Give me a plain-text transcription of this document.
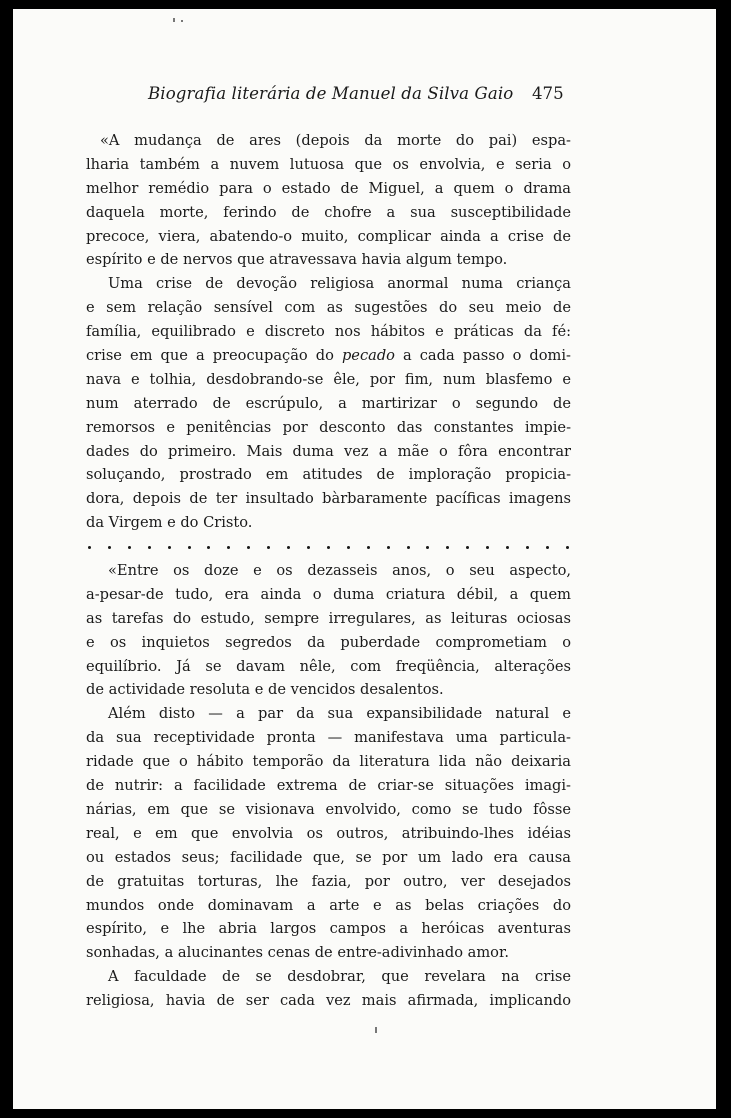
Biografia literária de Manuel da Silva Gaio 475
«A mudança de ares (depois da morte do pai) espa-
lharia também a nuvem lutuosa que os envolvia, e seria o
melhor remédio para o estado de Miguel, a quem o drama
daquela morte, ferindo de chofre a sua susceptibilidade
precoce, viera, abatendo-o muito, complicar ainda a crise de
espírito e de nervos que atravessava havia algum tempo.
Uma crise de devoção religiosa anormal numa criança
e sem relação sensível com as sugestões do seu meio de
família, equilibrado e discreto nos hábitos e práticas da fé:
crise em que a preocupação do pecado a cada passo o domi-
nava e tolhia, desdobrando-se êle, por fim, num blasfemo e
num aterrado de escrúpulo, a martirizar o segundo de
remorsos e penitências por desconto das constantes impie-
dades do primeiro. Mais duma vez a mãe o fôra encontrar
soluçando, prostrado em atitudes de imploração propicia-
dora, depois de ter insultado bàrbaramente pacíficas imagens
da Virgem e do Cristo.
«Entre os doze e os dezasseis anos, o seu aspecto,
a-pesar-de tudo, era ainda o duma criatura débil, a quem
as tarefas do estudo, sempre irregulares, as leituras ociosas
e os inquietos segredos da puberdade comprometiam o
equilíbrio. Já se davam nêle, com freqüência, alterações
de actividade resoluta e de vencidos desalentos.
Além disto — a par da sua expansibilidade natural e
da sua receptividade pronta — manifestava uma particula-
ridade que o hábito temporão da literatura lida não deixaria
de nutrir: a facilidade extrema de criar-se situações imagi-
nárias, em que se visionava envolvido, como se tudo fôsse
real, e em que envolvia os outros, atribuindo-lhes idéias
ou estados seus; facilidade que, se por um lado era causa
de gratuitas torturas, lhe fazia, por outro, ver desejados
mundos onde dominavam a arte e as belas criações do
espírito, e lhe abria largos campos a heróicas aventuras
sonhadas, a alucinantes cenas de entre-adivinhado amor.
A faculdade de se desdobrar, que revelara na crise
religiosa, havia de ser cada vez mais afirmada, implicando
